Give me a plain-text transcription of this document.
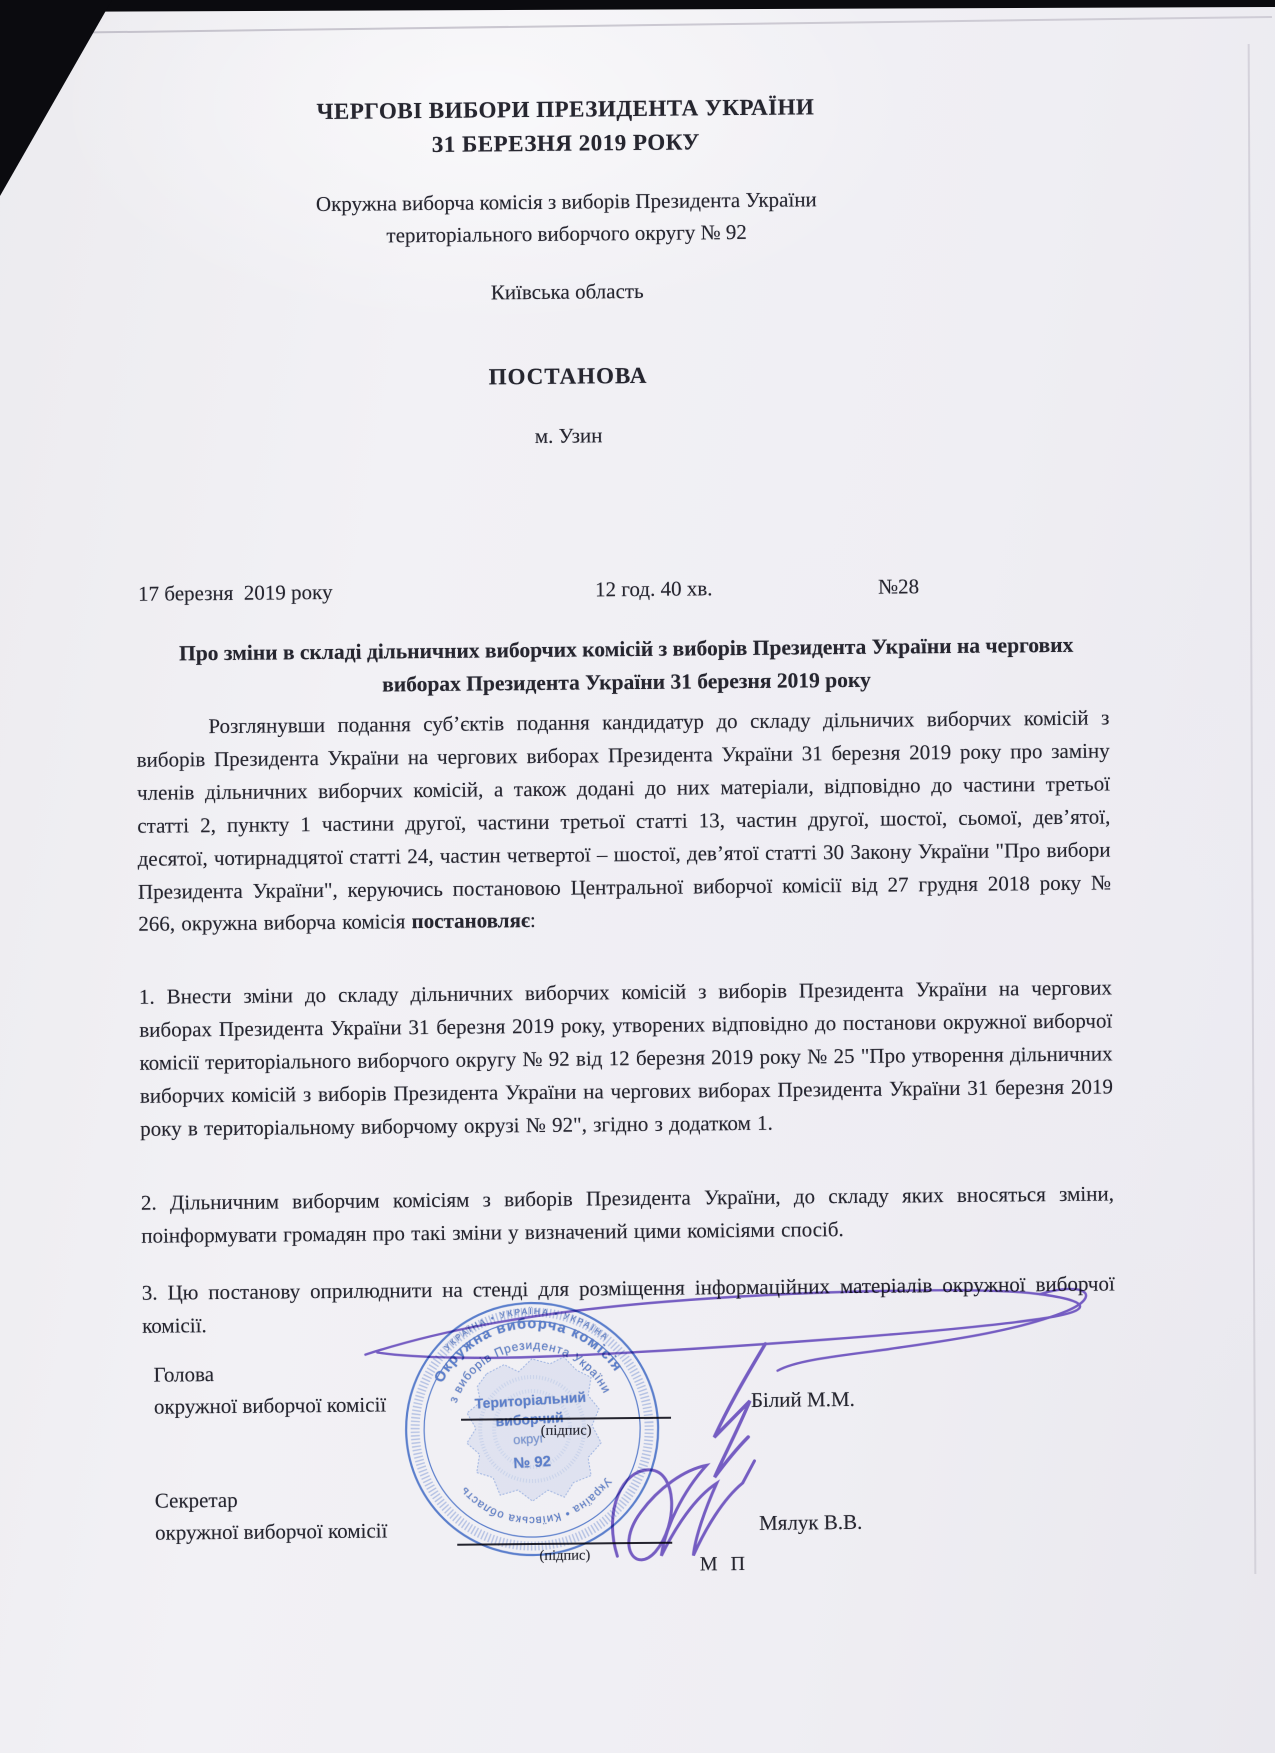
ЧЕРГОВІ ВИБОРИ ПРЕЗИДЕНТА УКРАЇНИ
31 БЕРЕЗНЯ 2019 РОКУ
Окружна виборча комісія з виборів Президента України
територіального виборчого округу № 92
Київська область
ПОСТАНОВА
м. Узин
17 березня  2019 року	12 год. 40 хв.	№28
Про зміни в складі дільничних виборчих комісій з виборів Президента України на чергових виборах Президента України 31 березня 2019 року
Розглянувши подання суб’єктів подання кандидатур до складу дільничих виборчих комісій з виборів Президента України на чергових виборах Президента України 31 березня 2019 року про заміну членів дільничних виборчих комісій, а також додані до них матеріали, відповідно до частини третьої статті 2, пункту 1 частини другої, частини третьої статті 13, частин другої, шостої, сьомої, дев’ятої, десятої, чотирнадцятої статті 24, частин четвертої – шостої, дев’ятої статті 30 Закону України "Про вибори Президента України", керуючись постановою Центральної виборчої комісії від 27 грудня 2018 року № 266, окружна виборча комісія постановляє:
1. Внести зміни до складу дільничних виборчих комісій з виборів Президента України на чергових виборах Президента України 31 березня 2019 року, утворених відповідно до постанови окружної виборчої комісії територіального виборчого округу № 92 від 12 березня 2019 року № 25 "Про утворення дільничних виборчих комісій з виборів Президента України на чергових виборах Президента України 31 березня 2019 року в територіальному виборчому окрузі № 92", згідно з додатком 1.
2. Дільничним виборчим комісіям з виборів Президента України, до складу яких вносяться зміни, поінформувати громадян про такі зміни у визначений цими комісіями спосіб.
3. Цю постанову оприлюднити на стенді для розміщення інформаційних матеріалів окружної виборчої комісії.
Голова
окружної виборчої комісії	Білий М.М.
Секретар
окружної виборчої комісії
(підпис)
Мялук В.В.
М П
УКРАЇНА • УКРАЇНА • УКРАЇНА
Окружна виборча комісія
з виборів Президента України
Україна • Київська область
Територіальний
виборчий
округ
№ 92
